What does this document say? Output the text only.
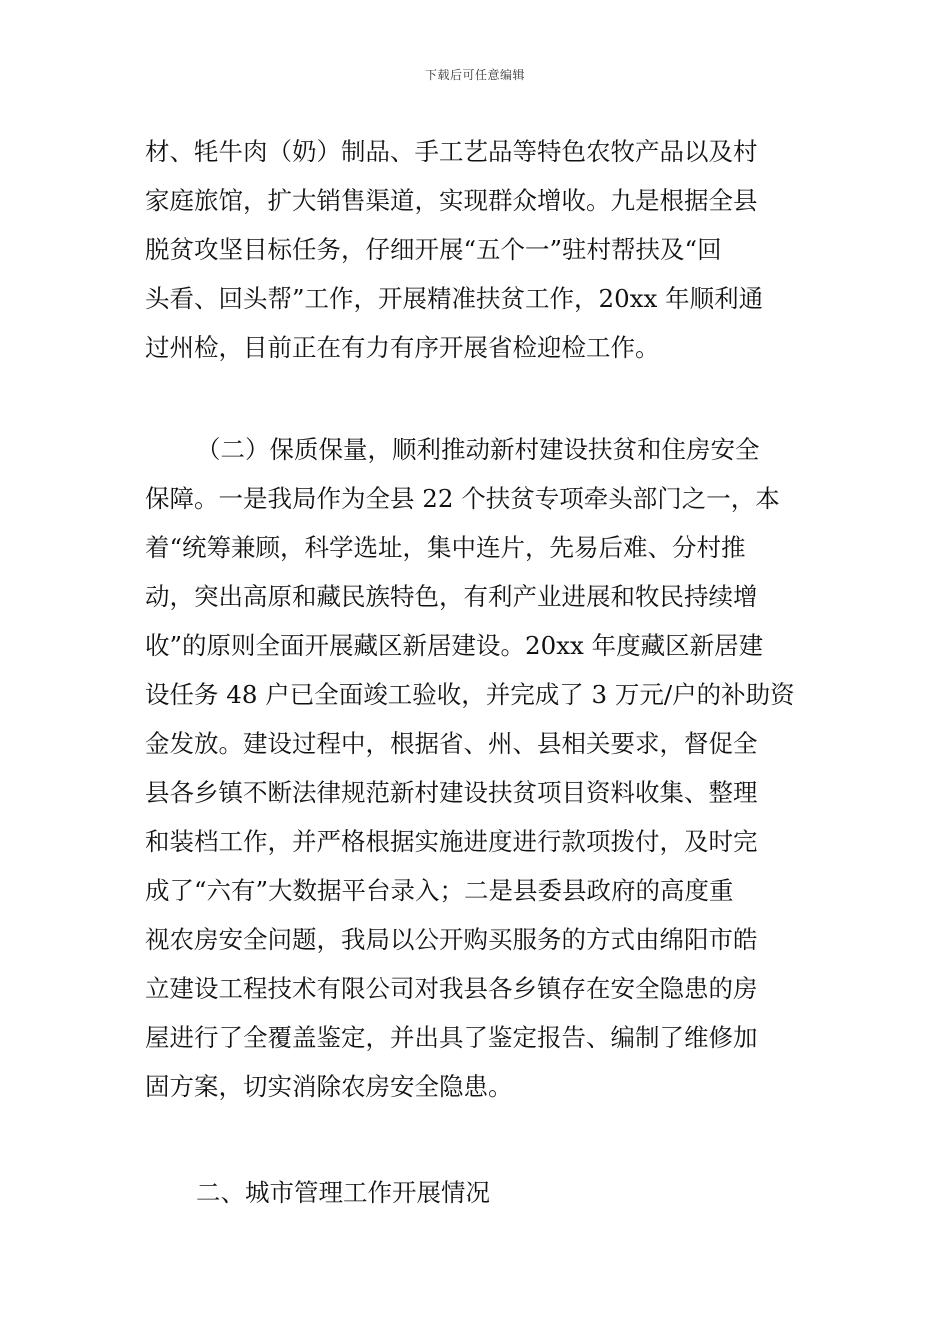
下载后可任意编辑
材、牦牛肉（奶）制品、手工艺品等特色农牧产品以及村
家庭旅馆，扩大销售渠道，实现群众增收。九是根据全县
脱贫攻坚目标任务，仔细开展“五个一”驻村帮扶及“回
头看、回头帮”工作，开展精准扶贫工作，20xx 年顺利通
过州检，目前正在有力有序开展省检迎检工作。
（二）保质保量，顺利推动新村建设扶贫和住房安全
保障。一是我局作为全县 22 个扶贫专项牵头部门之一，本
着“统筹兼顾，科学选址，集中连片，先易后难、分村推
动，突出高原和藏民族特色，有利产业进展和牧民持续增
收”的原则全面开展藏区新居建设。20xx 年度藏区新居建
设任务 48 户已全面竣工验收，并完成了 3 万元/户的补助资
金发放。建设过程中，根据省、州、县相关要求，督促全
县各乡镇不断法律规范新村建设扶贫项目资料收集、整理
和装档工作，并严格根据实施进度进行款项拨付，及时完
成了“六有”大数据平台录入；二是县委县政府的高度重
视农房安全问题，我局以公开购买服务的方式由绵阳市皓
立建设工程技术有限公司对我县各乡镇存在安全隐患的房
屋进行了全覆盖鉴定，并出具了鉴定报告、编制了维修加
固方案，切实消除农房安全隐患。
二、城市管理工作开展情况
